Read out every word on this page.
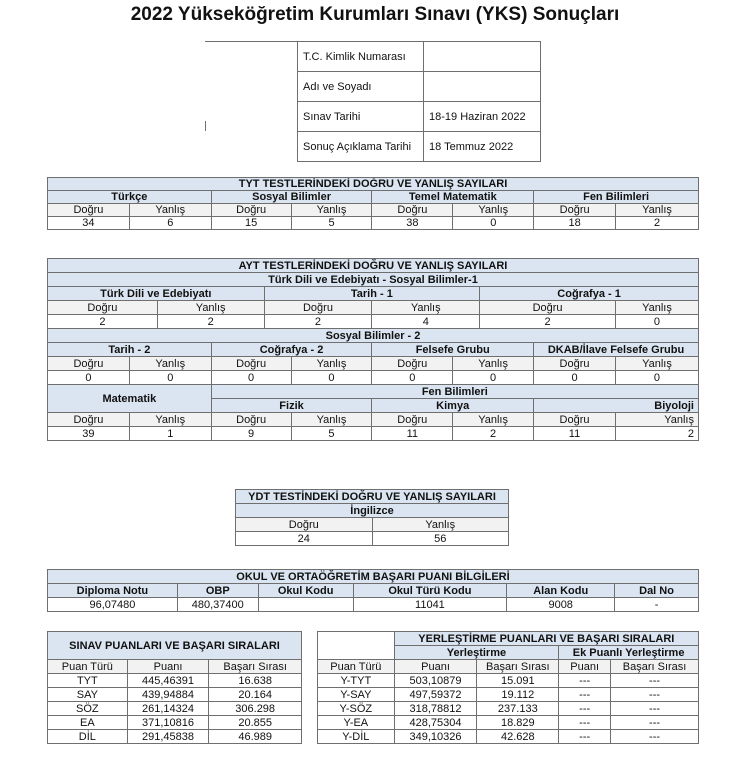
2022 Yükseköğretim Kurumları Sınavı (YKS) Sonuçları
T.C. Kimlik Numarası	
Adı ve Soyadı	
Sınav Tarihi	18-19 Haziran 2022
Sonuç Açıklama Tarihi	18 Temmuz 2022
TYT TESTLERİNDEKİ DOĞRU VE YANLIŞ SAYILARI							
Türkçe		Sosyal Bilimler		Temel Matematik		Fen Bilimleri	
Doğru	Yanlış	Doğru	Yanlış	Doğru	Yanlış	Doğru	Yanlış
34	6	15	5	38	0	18	2
AYT TESTLERİNDEKİ DOĞRU VE YANLIŞ SAYILARI										
Türk Dili ve Edebiyatı - Sosyal Bilimler-1										
Türk Dili ve Edebiyatı				Tarih - 1				Coğrafya - 1		
Doğru		Yanlış		Doğru		Yanlış		Doğru		Yanlış
2		2		2		4		2		0
Sosyal Bilimler - 2										
Tarih - 2			Coğrafya - 2			Felsefe Grubu			DKAB/İlave Felsefe Grubu	
Doğru	Yanlış		Doğru		Yanlış	Doğru	Yanlış		Doğru	Yanlış
0	0		0		0	0	0		0	0
Matematik			Fen Bilimleri							
			Fizik			Kimya			Biyoloji	
Doğru	Yanlış		Doğru		Yanlış	Doğru	Yanlış		Doğru	Yanlış
39	1		9		5	11	2		11	2
YDT TESTİNDEKİ DOĞRU VE YANLIŞ SAYILARI	
İngilizce	
Doğru	Yanlış
24	56
OKUL VE ORTAÖĞRETİM BAŞARI PUANI BİLGİLERİ					
Diploma Notu	OBP	Okul Kodu	Okul Türü Kodu	Alan Kodu	Dal No
96,07480	480,37400		11041	9008	-
SINAV PUANLARI VE BAŞARI SIRALARI		
Puan Türü	Puanı	Başarı Sırası
TYT	445,46391	16.638
SAY	439,94884	20.164
SÖZ	261,14324	306.298
EA	371,10816	20.855
DİL	291,45838	46.989
	YERLEŞTİRME PUANLARI VE BAŞARI SIRALARI			
	Yerleştirme		Ek Puanlı Yerleştirme	
Puan Türü	Puanı	Başarı Sırası	Puanı	Başarı Sırası
Y-TYT	503,10879	15.091	---	---
Y-SAY	497,59372	19.112	---	---
Y-SÖZ	318,78812	237.133	---	---
Y-EA	428,75304	18.829	---	---
Y-DİL	349,10326	42.628	---	---
